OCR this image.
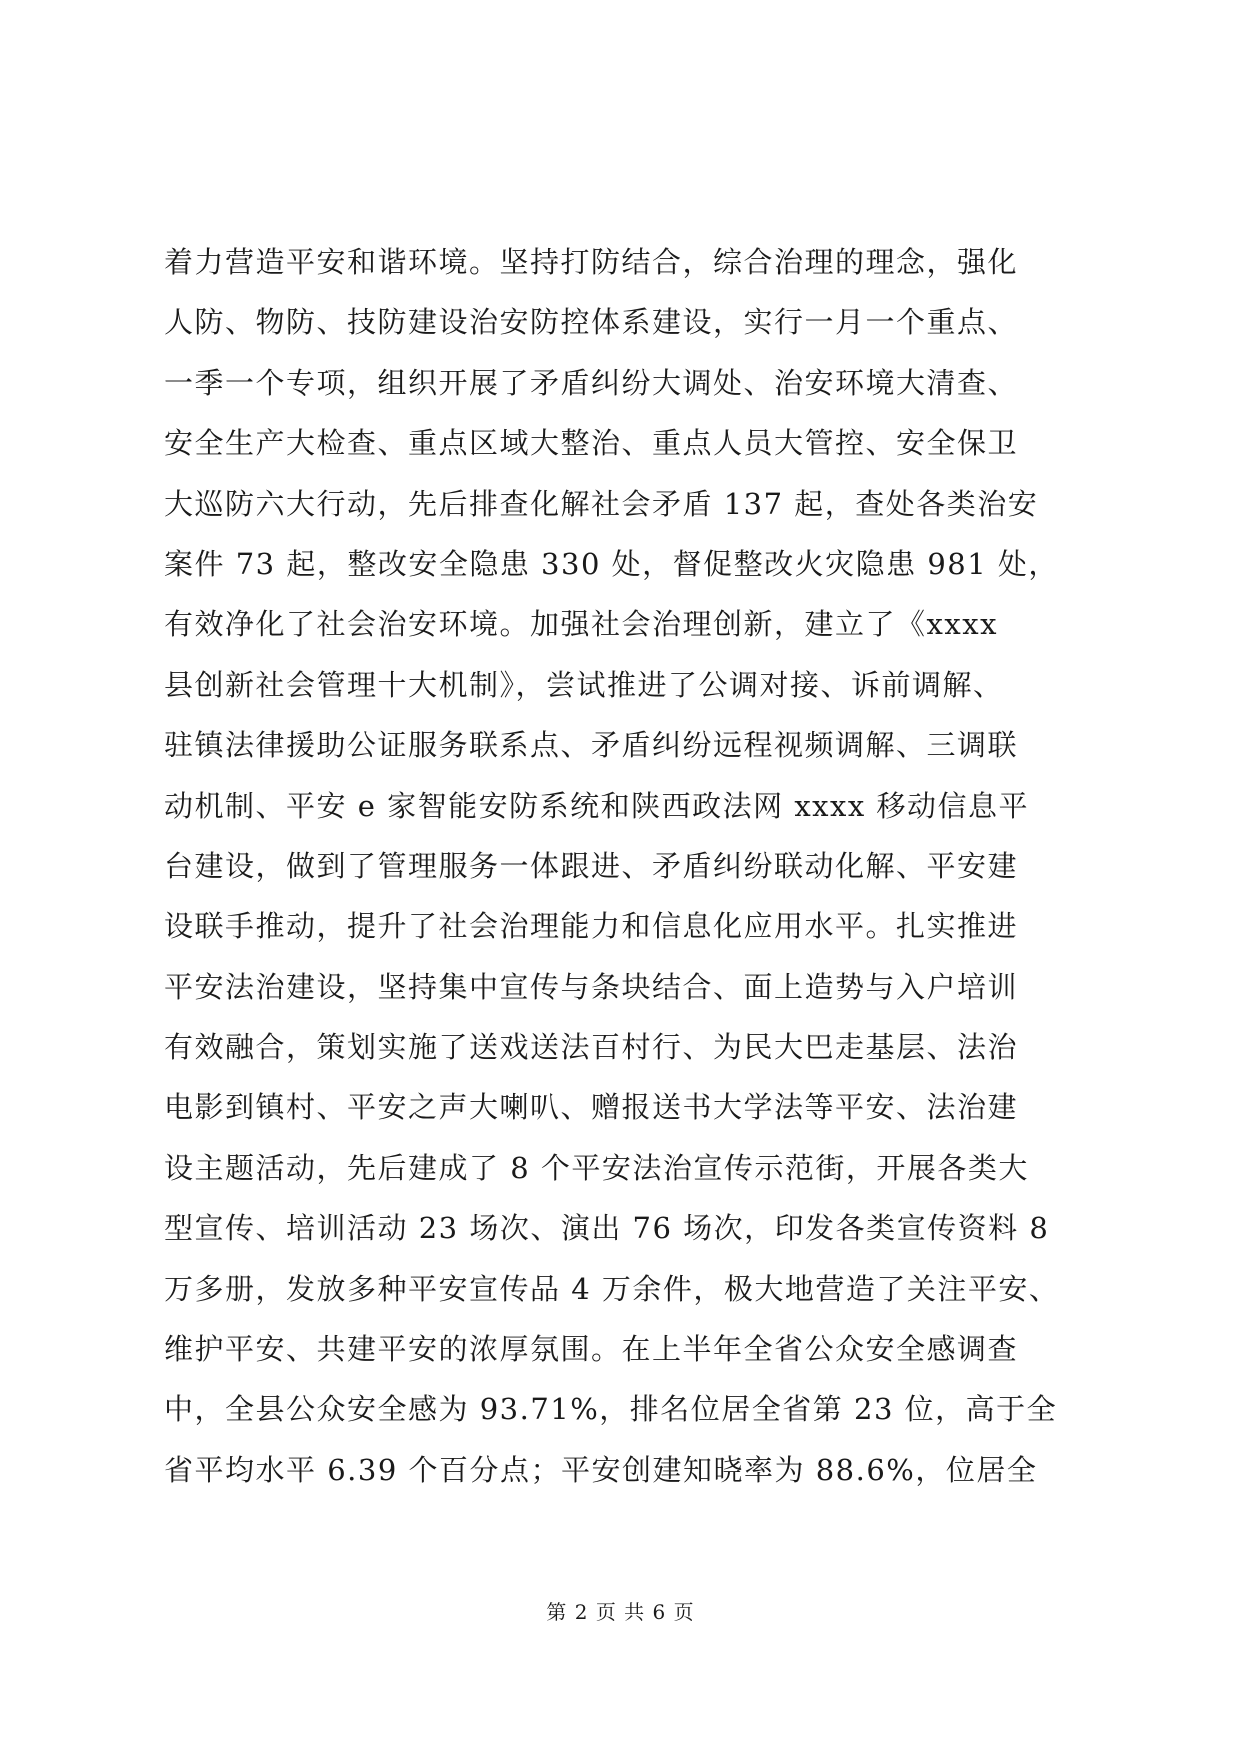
着力营造平安和谐环境。坚持打防结合，综合治理的理念，强化
人防、物防、技防建设治安防控体系建设，实行一月一个重点、
一季一个专项，组织开展了矛盾纠纷大调处、治安环境大清查、
安全生产大检查、重点区域大整治、重点人员大管控、安全保卫
大巡防六大行动，先后排查化解社会矛盾 137 起，查处各类治安
案件 73 起，整改安全隐患 330 处，督促整改火灾隐患 981 处，
有效净化了社会治安环境。加强社会治理创新，建立了《xxxx
县创新社会管理十大机制》，尝试推进了公调对接、诉前调解、
驻镇法律援助公证服务联系点、矛盾纠纷远程视频调解、三调联
动机制、平安 e 家智能安防系统和陕西政法网 xxxx 移动信息平
台建设，做到了管理服务一体跟进、矛盾纠纷联动化解、平安建
设联手推动，提升了社会治理能力和信息化应用水平。扎实推进
平安法治建设，坚持集中宣传与条块结合、面上造势与入户培训
有效融合，策划实施了送戏送法百村行、为民大巴走基层、法治
电影到镇村、平安之声大喇叭、赠报送书大学法等平安、法治建
设主题活动，先后建成了 8 个平安法治宣传示范街，开展各类大
型宣传、培训活动 23 场次、演出 76 场次，印发各类宣传资料 8
万多册，发放多种平安宣传品 4 万余件，极大地营造了关注平安、
维护平安、共建平安的浓厚氛围。在上半年全省公众安全感调查
中，全县公众安全感为 93.71%，排名位居全省第 23 位，高于全
省平均水平 6.39 个百分点；平安创建知晓率为 88.6%，位居全
第 2 页 共 6 页
